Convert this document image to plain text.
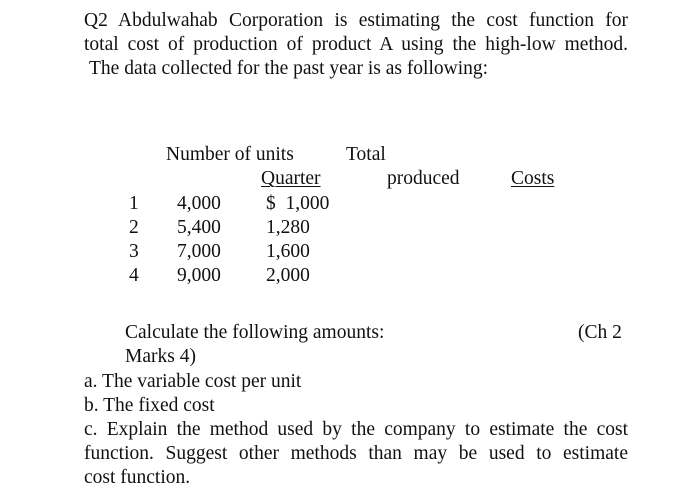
Q2 Abdulwahab Corporation is estimating the cost function for
total cost of production of product A using the high-low method.
The data collected for the past year is as following:
Number of units	Total
Quarter	produced	Costs
1 4,000 $  1,000
2 5,400 1,280
3 7,000 1,600
4 9,000 2,000
Calculate the following amounts:	(Ch 2
Marks 4)
a. The variable cost per unit
b. The fixed cost
c. Explain the method used by the company to estimate the cost
function. Suggest other methods than may be used to estimate
cost function.
